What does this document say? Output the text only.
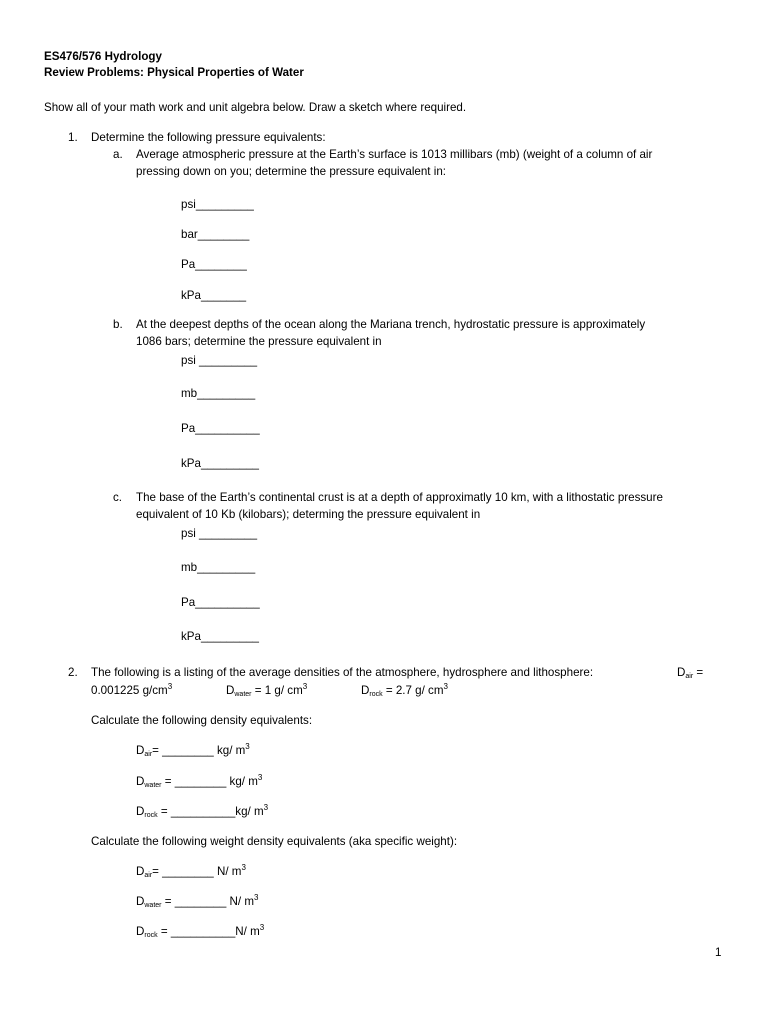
ES476/576 Hydrology
Review Problems: Physical Properties of Water
Show all of your math work and unit algebra below. Draw a sketch where required.
1. Determine the following pressure equivalents:
a. Average atmospheric pressure at the Earth’s surface is 1013 millibars (mb) (weight of a column of air
pressing down on you; determine the pressure equivalent in:
psi_________
bar________
Pa________
kPa_______
b. At the deepest depths of the ocean along the Mariana trench, hydrostatic pressure is approximately
1086 bars; determine the pressure equivalent in
psi _________
mb_________
Pa__________
kPa_________
c. The base of the Earth’s continental crust is at a depth of approximatly 10 km, with a lithostatic pressure
equivalent of 10 Kb (kilobars); determing the pressure equivalent in
psi _________
mb_________
Pa__________
kPa_________
2. The following is a listing of the average densities of the atmosphere, hydrosphere and lithosphere:	Dair =
0.001225 $g/cm^3$	Dwater = 1 g/ $cm^3$	Drock = 2.7 g/ $cm^3$
Calculate the following density equivalents:
Dair= ________ kg/ $m^3$
Dwater = ________ kg/ $m^3$
Drock = __________kg/ $m^3$
Calculate the following weight density equivalents (aka specific weight):
Dair= ________ N/ $m^3$
Dwater = ________ N/ $m^3$
Drock = __________N/ $m^3$
1
